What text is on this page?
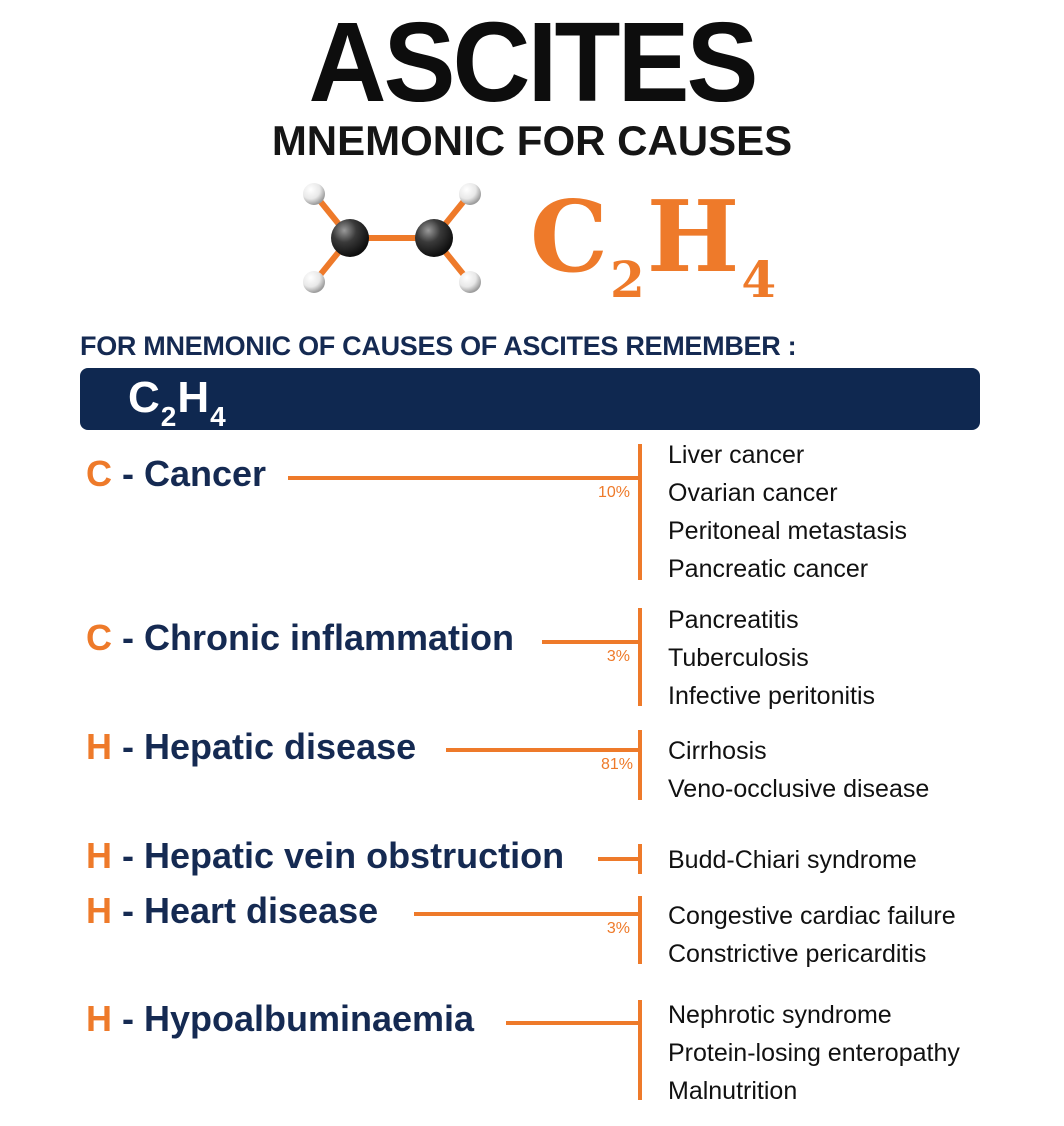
ASCITES
MNEMONIC FOR CAUSES
$C_2H_4$
FOR MNEMONIC OF CAUSES OF ASCITES REMEMBER :
$C_2H_4$
C - Cancer	10%
Liver cancer
Ovarian cancer
Peritoneal metastasis
Pancreatic cancer
C - Chronic inflammation	3%
Pancreatitis
Tuberculosis
Infective peritonitis
H - Hepatic disease	81% Cirrhosis
Veno-occlusive disease
H - Hepatic vein obstruction	Budd-Chiari syndrome
H - Heart disease	3% Congestive cardiac failure
Constrictive pericarditis
H - Hypoalbuminaemia	Nephrotic syndrome
Protein-losing enteropathy
Malnutrition
